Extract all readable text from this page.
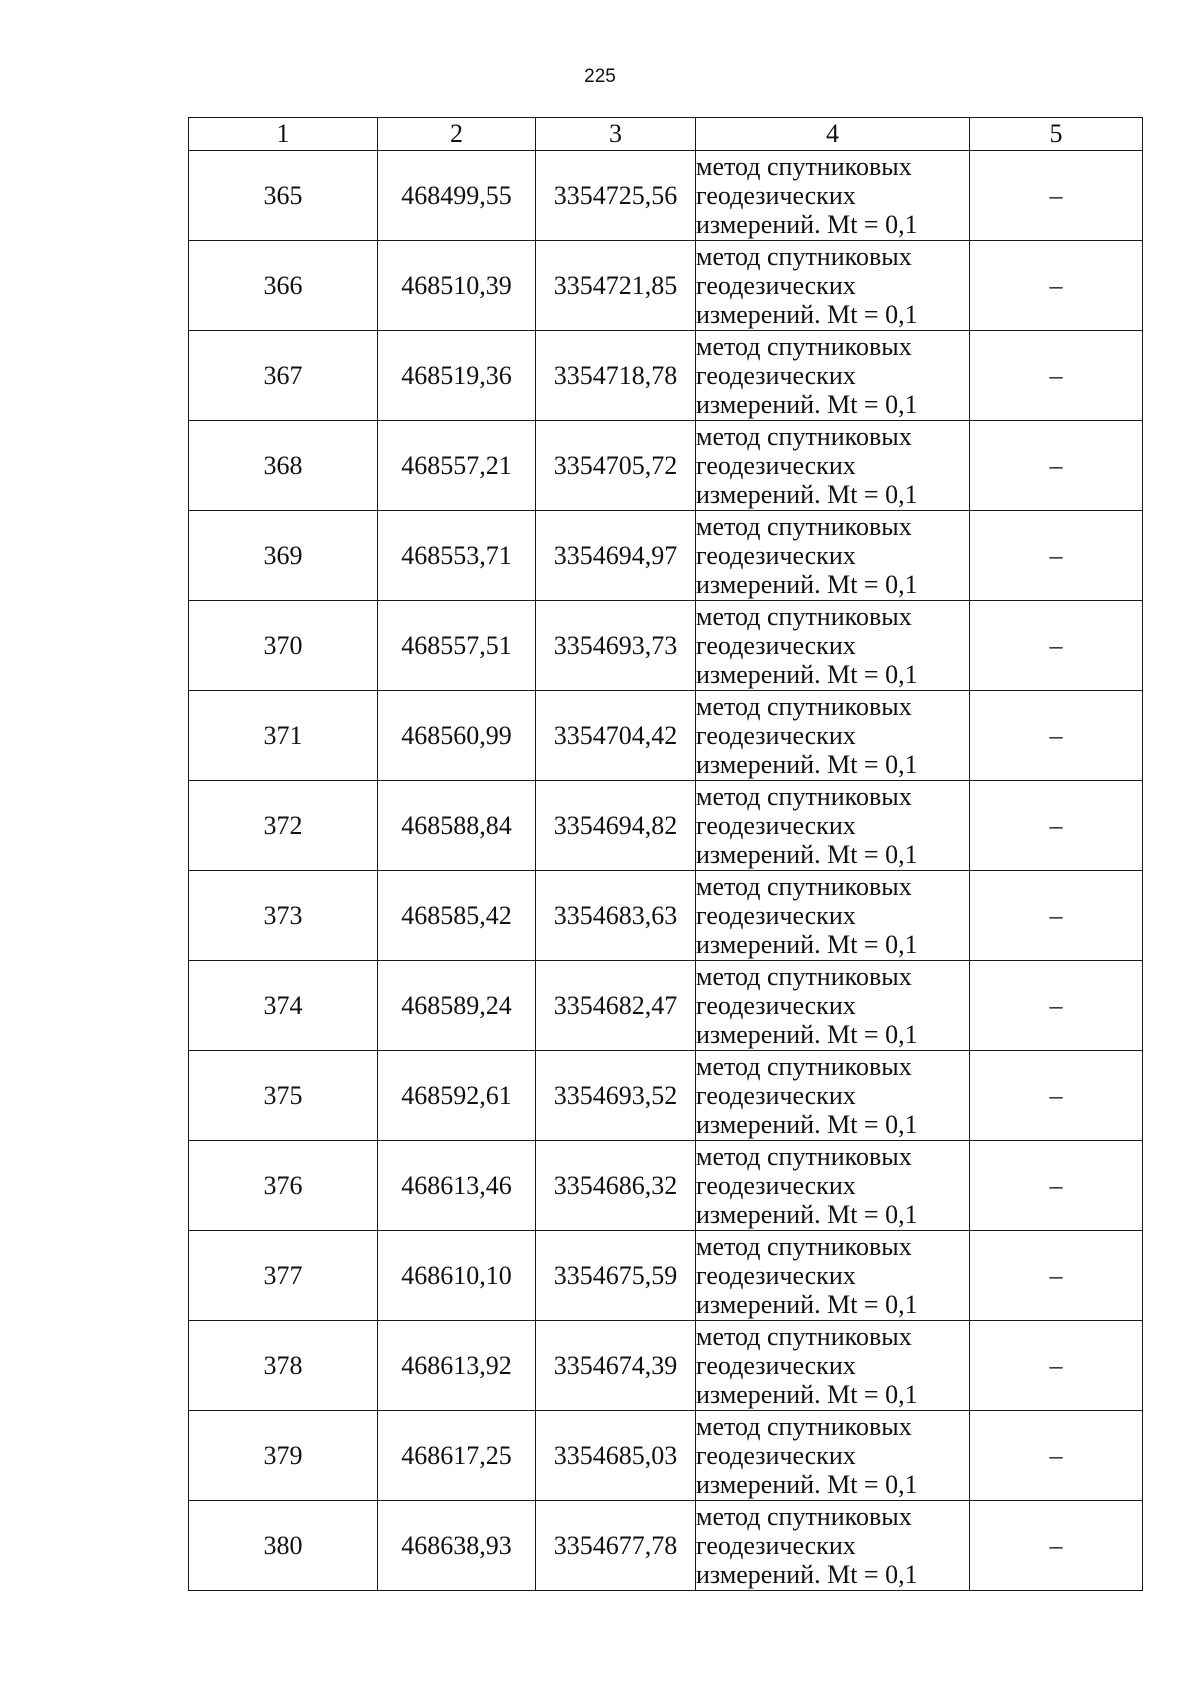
225
1	2	3	4	5
365	468499,55	3354725,56	метод спутниковых
геодезических
измерений. Mt = 0,1	–
366	468510,39	3354721,85	метод спутниковых
геодезических
измерений. Mt = 0,1	–
367	468519,36	3354718,78	метод спутниковых
геодезических
измерений. Mt = 0,1	–
368	468557,21	3354705,72	метод спутниковых
геодезических
измерений. Mt = 0,1	–
369	468553,71	3354694,97	метод спутниковых
геодезических
измерений. Mt = 0,1	–
370	468557,51	3354693,73	метод спутниковых
геодезических
измерений. Mt = 0,1	–
371	468560,99	3354704,42	метод спутниковых
геодезических
измерений. Mt = 0,1	–
372	468588,84	3354694,82	метод спутниковых
геодезических
измерений. Mt = 0,1	–
373	468585,42	3354683,63	метод спутниковых
геодезических
измерений. Mt = 0,1	–
374	468589,24	3354682,47	метод спутниковых
геодезических
измерений. Mt = 0,1	–
375	468592,61	3354693,52	метод спутниковых
геодезических
измерений. Mt = 0,1	–
376	468613,46	3354686,32	метод спутниковых
геодезических
измерений. Mt = 0,1	–
377	468610,10	3354675,59	метод спутниковых
геодезических
измерений. Mt = 0,1	–
378	468613,92	3354674,39	метод спутниковых
геодезических
измерений. Mt = 0,1	–
379	468617,25	3354685,03	метод спутниковых
геодезических
измерений. Mt = 0,1	–
380	468638,93	3354677,78	метод спутниковых
геодезических
измерений. Mt = 0,1	–
